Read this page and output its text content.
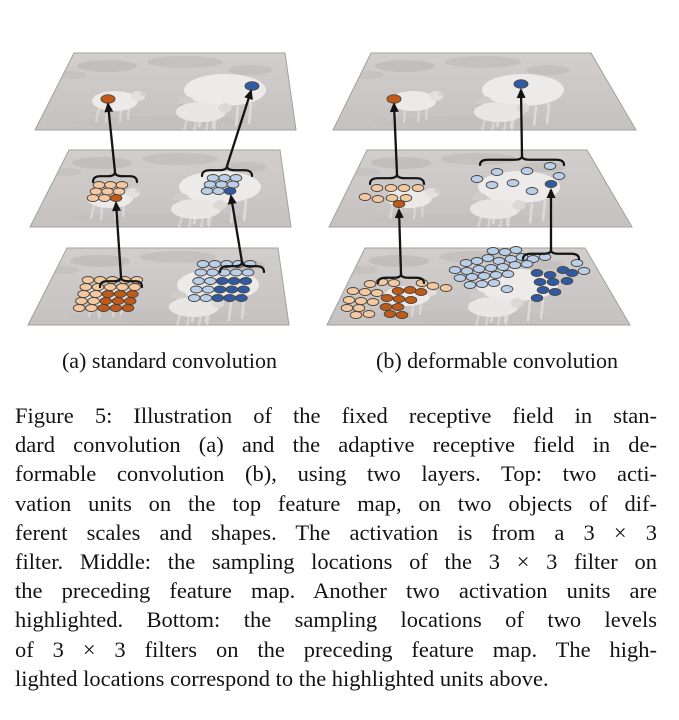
(a) standard convolution	(b) deformable convolution
Figure 5: Illustration of the fixed receptive field in stan-
dard convolution (a) and the adaptive receptive field in de-
formable convolution (b), using two layers. Top: two acti-
vation units on the top feature map, on two objects of dif-
ferent scales and shapes. The activation is from a 3 × 3
filter. Middle: the sampling locations of the 3 × 3 filter on
the preceding feature map. Another two activation units are
highlighted. Bottom: the sampling locations of two levels
of 3 × 3 filters on the preceding feature map. The high-
lighted locations correspond to the highlighted units above.
